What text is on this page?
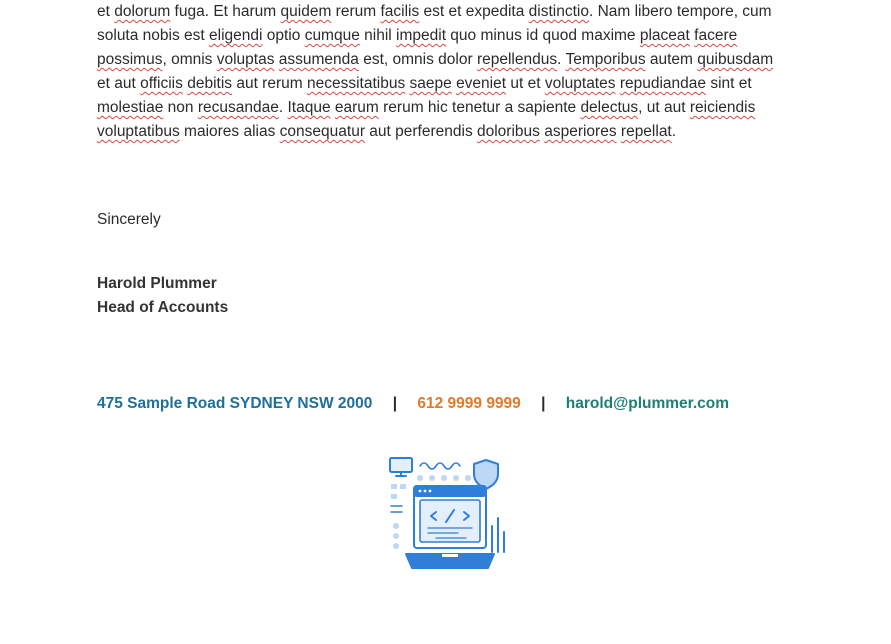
et dolorum fuga. Et harum quidem rerum facilis est et expedita distinctio. Nam libero tempore, cum soluta nobis est eligendi optio cumque nihil impedit quo minus id quod maxime placeat facere possimus, omnis voluptas assumenda est, omnis dolor repellendus. Temporibus autem quibusdam et aut officiis debitis aut rerum necessitatibus saepe eveniet ut et voluptates repudiandae sint et molestiae non recusandae. Itaque earum rerum hic tenetur a sapiente delectus, ut aut reiciendis voluptatibus maiores alias consequatur aut perferendis doloribus asperiores repellat.

Sincerely
Harold Plummer
Head of Accounts
475 Sample Road SYDNEY NSW 2000 | 612 9999 9999 | harold@plummer.com
